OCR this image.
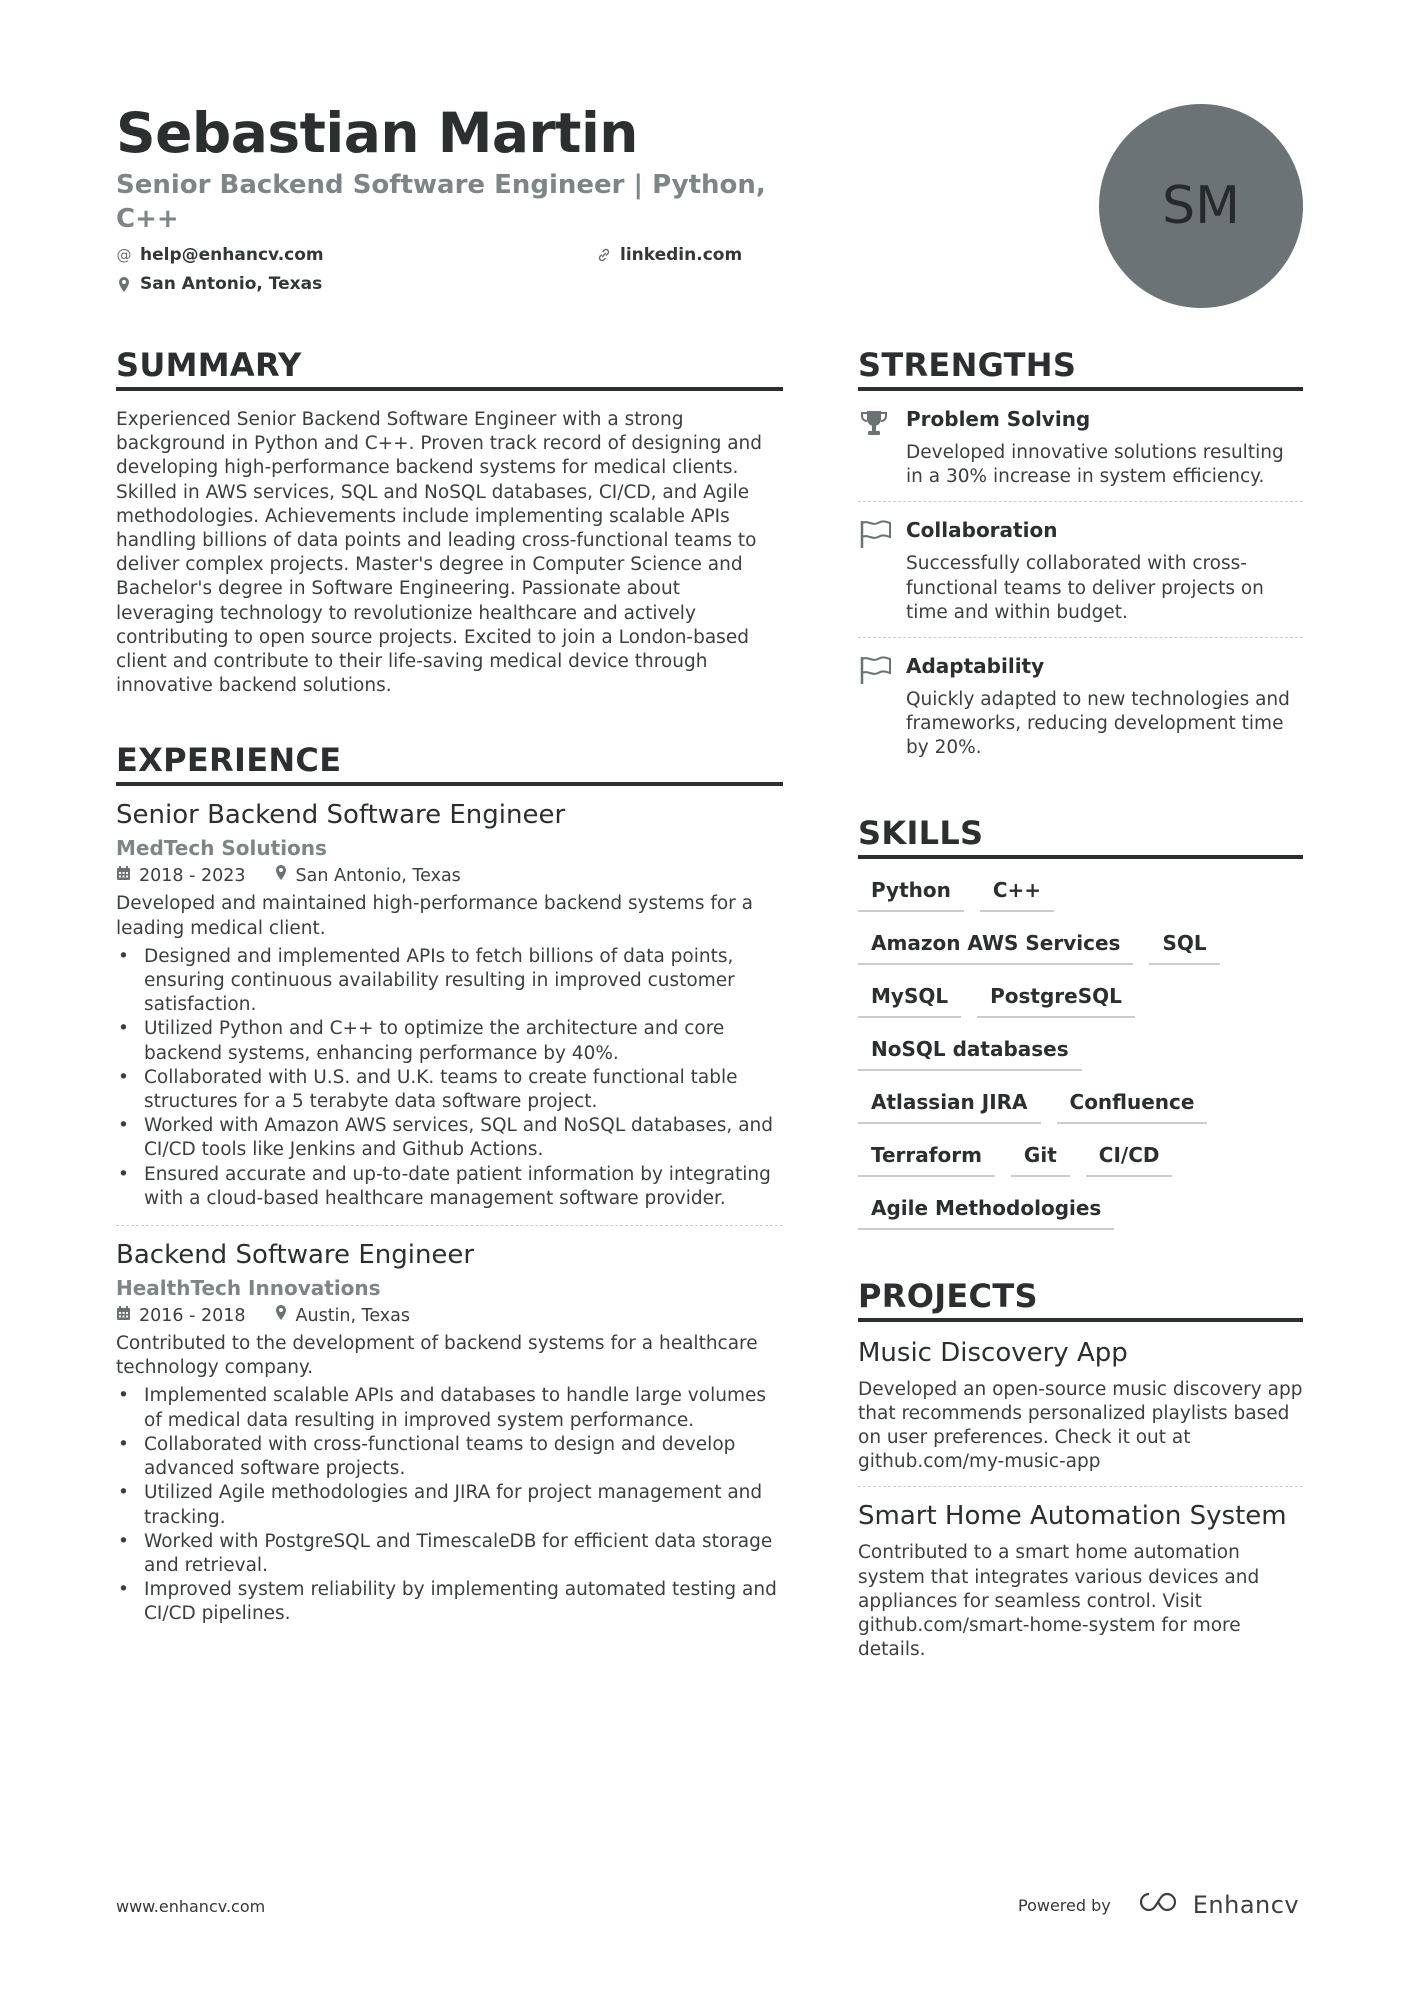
Sebastian Martin
Senior Backend Software Engineer | Python, C++
@ help@enhancv.com	linkedin.com
San Antonio, Texas
SM
SUMMARY
Experienced Senior Backend Software Engineer with a strong background in Python and C++. Proven track record of designing and developing high-performance backend systems for medical clients. Skilled in AWS services, SQL and NoSQL databases, CI/CD, and Agile methodologies. Achievements include implementing scalable APIs handling billions of data points and leading cross-functional teams to deliver complex projects. Master's degree in Computer Science and Bachelor's degree in Software Engineering. Passionate about leveraging technology to revolutionize healthcare and actively contributing to open source projects. Excited to join a London-based client and contribute to their life-saving medical device through innovative backend solutions.
EXPERIENCE
Senior Backend Software Engineer
MedTech Solutions
2018 - 2023	San Antonio, Texas
Developed and maintained high-performance backend systems for a leading medical client.
• Designed and implemented APIs to fetch billions of data points, ensuring continuous availability resulting in improved customer satisfaction.
• Utilized Python and C++ to optimize the architecture and core backend systems, enhancing performance by 40%.
• Collaborated with U.S. and U.K. teams to create functional table structures for a 5 terabyte data software project.
• Worked with Amazon AWS services, SQL and NoSQL databases, and CI/CD tools like Jenkins and Github Actions.
• Ensured accurate and up-to-date patient information by integrating with a cloud-based healthcare management software provider.
Backend Software Engineer
HealthTech Innovations
2016 - 2018	Austin, Texas
Contributed to the development of backend systems for a healthcare technology company.
• Implemented scalable APIs and databases to handle large volumes of medical data resulting in improved system performance.
• Collaborated with cross-functional teams to design and develop advanced software projects.
• Utilized Agile methodologies and JIRA for project management and tracking.
• Worked with PostgreSQL and TimescaleDB for efficient data storage and retrieval.
• Improved system reliability by implementing automated testing and CI/CD pipelines.
STRENGTHS
Problem Solving
Developed innovative solutions resulting in a 30% increase in system efficiency.
Collaboration
Successfully collaborated with cross-functional teams to deliver projects on time and within budget.
Adaptability
Quickly adapted to new technologies and frameworks, reducing development time by 20%.
SKILLS
Python	C++
Amazon AWS Services	SQL
MySQL	PostgreSQL
NoSQL databases
Atlassian JIRA	Confluence
Terraform	Git	CI/CD
Agile Methodologies
PROJECTS
Music Discovery App
Developed an open-source music discovery app that recommends personalized playlists based on user preferences. Check it out at github.com/my-music-app
Smart Home Automation System
Contributed to a smart home automation system that integrates various devices and appliances for seamless control. Visit github.com/smart-home-system for more details.
www.enhancv.com	Powered by	Enhancv
